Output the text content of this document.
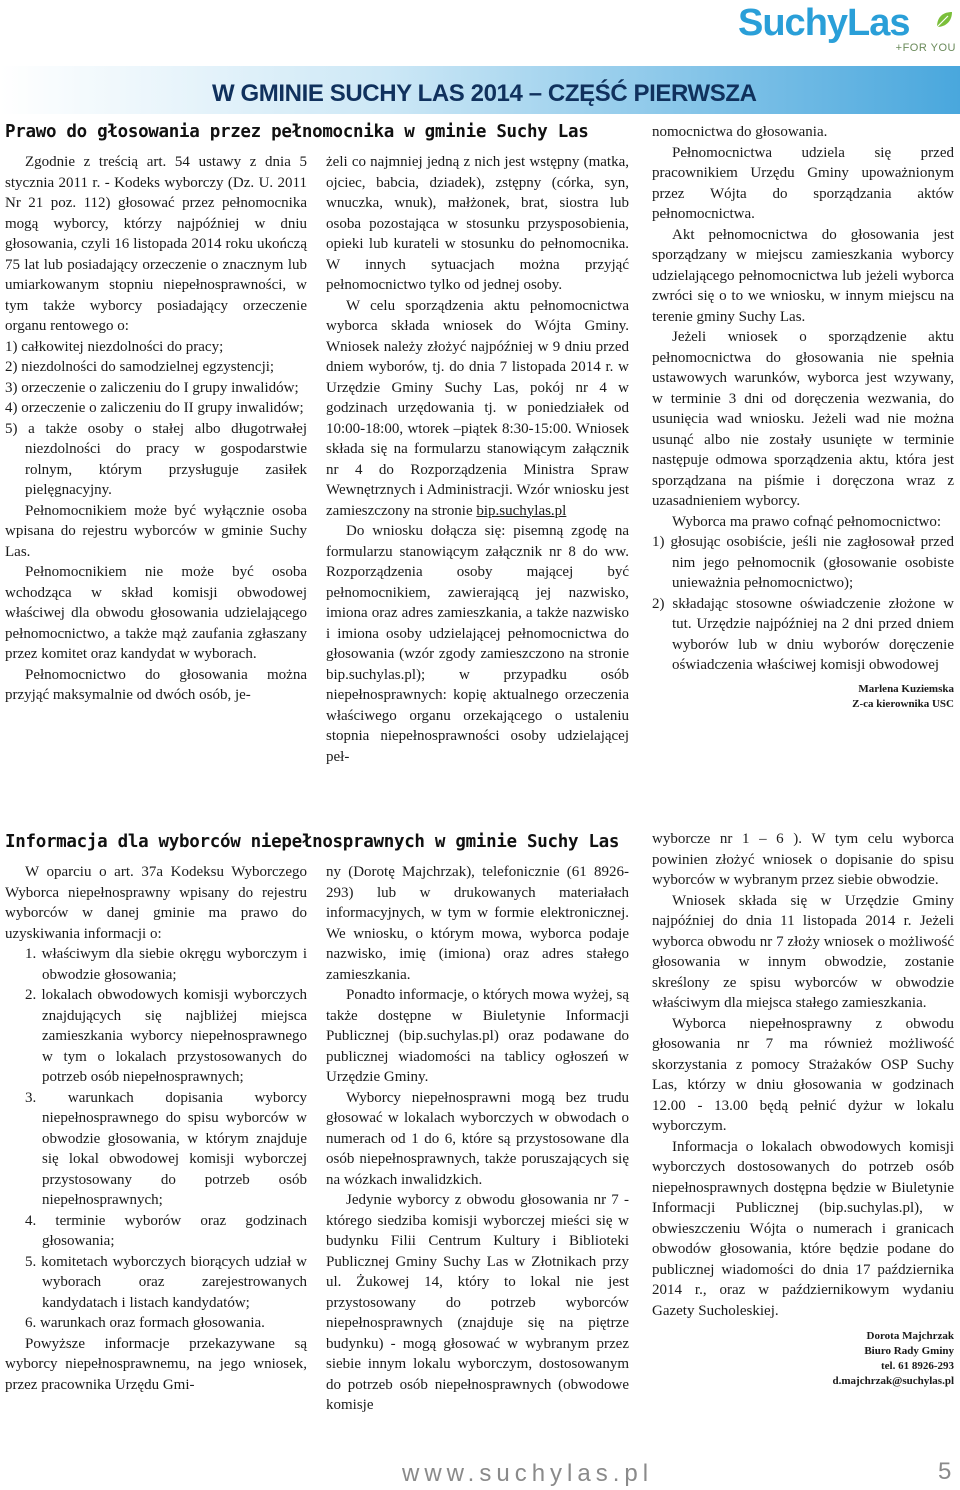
SuchyLas
+FOR YOU
W GMINIE SUCHY LAS 2014 – CZĘŚĆ PIERWSZA
Prawo do głosowania przez pełnomocnika w gminie Suchy Las

Zgodnie z treścią art. 54 ustawy z dnia 5 stycznia 2011 r. - Kodeks wyborczy (Dz. U. 2011 Nr 21 poz. 112) głosować przez pełnomocnika mogą wyborcy, którzy najpóźniej w dniu głosowania, czyli 16 listopada 2014 roku ukończą 75 lat lub posiadający orzeczenie o znacznym lub umiarkowanym stopniu niepełnosprawności, w tym także wyborcy posiadający orzeczenie organu rentowego o:

1) całkowitej niezdolności do pracy;

2) niezdolności do samodzielnej egzystencji;

3) orzeczenie o zaliczeniu do I grupy inwalidów;

4) orzeczenie o zaliczeniu do II grupy inwalidów;

5) a także osoby o stałej albo długotrwałej niezdolności do pracy w gospodarstwie rolnym, którym przysługuje zasiłek pielęgnacyjny.

Pełnomocnikiem może być wyłącznie osoba wpisana do rejestru wyborców w gminie Suchy Las.

Pełnomocnikiem nie może być osoba wchodząca w skład komisji obwodowej właściwej dla obwodu głosowania udzielającego pełnomocnictwo, a także mąż zaufania zgłaszany przez komitet oraz kandydat w wyborach.

Pełnomocnictwo do głosowania można przyjąć maksymalnie od dwóch osób, je-

żeli co najmniej jedną z nich jest wstępny (matka, ojciec, babcia, dziadek), zstępny (córka, syn, wnuczka, wnuk), małżonek, brat, siostra lub osoba pozostająca w stosunku przysposobienia, opieki lub kurateli w stosunku do pełnomocnika. W innych sytuacjach można przyjąć pełnomocnictwo tylko od jednej osoby.

W celu sporządzenia aktu pełnomocnictwa wyborca składa wniosek do Wójta Gminy. Wniosek należy złożyć najpóźniej w 9 dniu przed dniem wyborów, tj. do dnia 7 listopada 2014 r. w Urzędzie Gminy Suchy Las, pokój nr 4 w godzinach urzędowania tj. w poniedziałek od 10:00-18:00, wtorek –piątek 8:30-15:00. Wniosek składa się na formularzu stanowiącym załącznik nr 4 do Rozporządzenia Ministra Spraw Wewnętrznych i Administracji. Wzór wniosku jest zamieszczony na stronie bip.suchylas.pl

Do wniosku dołącza się: pisemną zgodę na formularzu stanowiącym załącznik nr 8 do ww. Rozporządzenia osoby mającej być pełnomocnikiem, zawierającą jej nazwisko, imiona oraz adres zamieszkania, a także nazwisko i imiona osoby udzielającej pełnomocnictwa do głosowania (wzór zgody zamieszczono na stronie bip.suchylas.pl); w przypadku osób niepełnosprawnych: kopię aktualnego orzeczenia właściwego organu orzekającego o ustaleniu stopnia niepełnosprawności osoby udzielającej peł-

nomocnictwa do głosowania.

Pełnomocnictwa udziela się przed pracownikiem Urzędu Gminy upoważnionym przez Wójta do sporządzania aktów pełnomocnictwa.

Akt pełnomocnictwa do głosowania jest sporządzany w miejscu zamieszkania wyborcy udzielającego pełnomocnictwa lub jeżeli wyborca zwróci się o to we wniosku, w innym miejscu na terenie gminy Suchy Las.

Jeżeli wniosek o sporządzenie aktu pełnomocnictwa do głosowania nie spełnia ustawowych warunków, wyborca jest wzywany, w terminie 3 dni od doręczenia wezwania, do usunięcia wad wniosku. Jeżeli wad nie można usunąć albo nie zostały usunięte w terminie następuje odmowa sporządzenia aktu, która jest sporządzana na piśmie i doręczona wraz z uzasadnieniem wyborcy.

Wyborca ma prawo cofnąć pełnomocnictwo:

1) głosując osobiście, jeśli nie zagłosował przed nim jego pełnomocnik (głosowanie osobiste unieważnia pełnomocnictwo);

2) składając stosowne oświadczenie złożone w tut. Urzędzie najpóźniej na 2 dni przed dniem wyborów lub w dniu wyborów doręczenie oświadczenia właściwej komisji obwodowej

Marlena Kuziemska
Z-ca kierownika USC
Informacja dla wyborców niepełnosprawnych w gminie Suchy Las

W oparciu o art. 37a Kodeksu Wyborczego Wyborca niepełnosprawny wpisany do rejestru wyborców w danej gminie ma prawo do uzyskiwania informacji o:

1. właściwym dla siebie okręgu wyborczym i obwodzie głosowania;

2. lokalach obwodowych komisji wyborczych znajdujących się najbliżej miejsca zamieszkania wyborcy niepełnosprawnego w tym o lokalach przystosowanych do potrzeb osób niepełnosprawnych;

3. warunkach dopisania wyborcy niepełnosprawnego do spisu wyborców w obwodzie głosowania, w którym znajduje się lokal obwodowej komisji wyborczej przystosowany do potrzeb osób niepełnosprawnych;

4. terminie wyborów oraz godzinach głosowania;

5. komitetach wyborczych biorących udział w wyborach oraz zarejestrowanych kandydatach i listach kandydatów;

6. warunkach oraz formach głosowania.

Powyższe informacje przekazywane są wyborcy niepełnosprawnemu, na jego wniosek, przez pracownika Urzędu Gmi-

ny (Dorotę Majchrzak), telefonicznie (61 8926-293) lub w drukowanych materiałach informacyjnych, w tym w formie elektronicznej. We wniosku, o którym mowa, wyborca podaje nazwisko, imię (imiona) oraz adres stałego zamieszkania.

Ponadto informacje, o których mowa wyżej, są także dostępne w Biuletynie Informacji Publicznej (bip.suchylas.pl) oraz podawane do publicznej wiadomości na tablicy ogłoszeń w Urzędzie Gminy.

Wyborcy niepełnosprawni mogą bez trudu głosować w lokalach wyborczych w obwodach o numerach od 1 do 6, które są przystosowane dla osób niepełnosprawnych, także poruszających się na wózkach inwalidzkich.

Jedynie wyborcy z obwodu głosowania nr 7 - którego siedziba komisji wyborczej mieści się w budynku Filii Centrum Kultury i Biblioteki Publicznej Gminy Suchy Las w Złotnikach przy ul. Żukowej 14, który to lokal nie jest przystosowany do potrzeb wyborców niepełnosprawnych (znajduje się na piętrze budynku) - mogą głosować w wybranym przez siebie innym lokalu wyborczym, dostosowanym do potrzeb osób niepełnosprawnych (obwodowe komisje

wyborcze nr 1 – 6 ). W tym celu wyborca powinien złożyć wniosek o dopisanie do spisu wyborców w wybranym przez siebie obwodzie.

Wniosek składa się w Urzędzie Gminy najpóźniej do dnia 11 listopada 2014 r. Jeżeli wyborca obwodu nr 7 złoży wniosek o możliwość głosowania w innym obwodzie, zostanie skreślony ze spisu wyborców w obwodzie właściwym dla miejsca stałego zamieszkania.

Wyborca niepełnosprawny z obwodu głosowania nr 7 ma również możliwość skorzystania z pomocy Strażaków OSP Suchy Las, którzy w dniu głosowania w godzinach 12.00 - 13.00 będą pełnić dyżur w lokalu wyborczym.

Informacja o lokalach obwodowych komisji wyborczych dostosowanych do potrzeb osób niepełnosprawnych dostępna będzie w Biuletynie Informacji Publicznej (bip.suchylas.pl), w obwieszczeniu Wójta o numerach i granicach obwodów głosowania, które będzie podane do publicznej wiadomości do dnia 17 października 2014 r., oraz w październikowym wydaniu Gazety Sucholeskiej.

Dorota Majchrzak
Biuro Rady Gminy
tel. 61 8926-293
d.majchrzak@suchylas.pl
www.suchylas.pl	5
